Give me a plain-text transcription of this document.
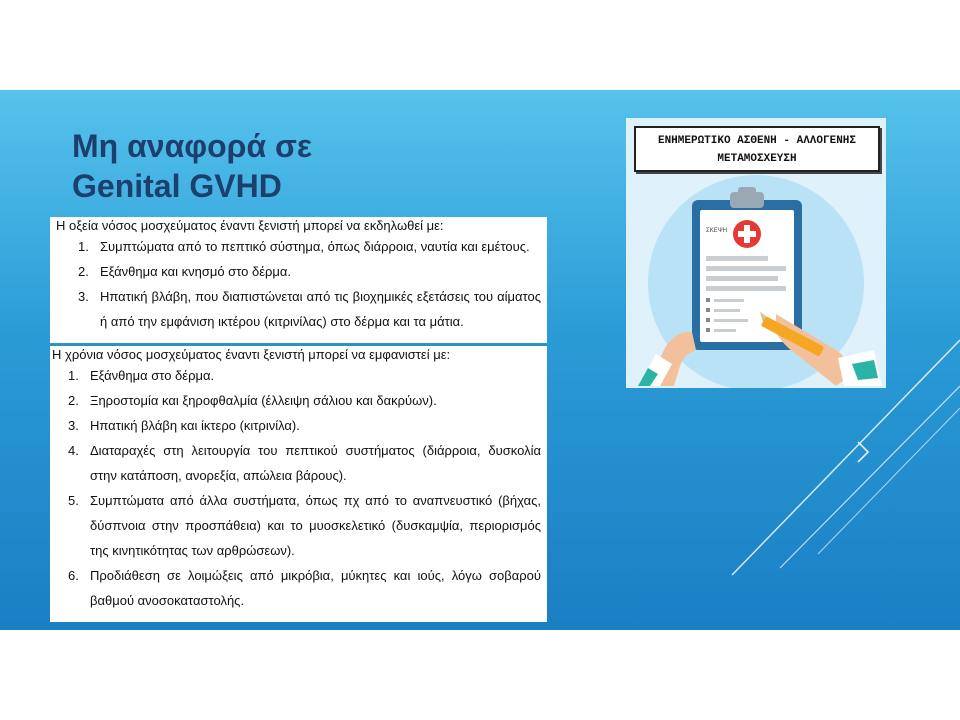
Μη αναφορά σε
Genital GVHD
Η οξεία νόσος μοσχεύματος έναντι ξενιστή μπορεί να εκδηλωθεί με:
1. Συμπτώματα από το πεπτικό σύστημα, όπως διάρροια, ναυτία και εμέτους.
2. Εξάνθημα και κνησμό στο δέρμα.
3. Ηπατική βλάβη, που διαπιστώνεται από τις βιοχημικές εξετάσεις του αίματος ή από την εμφάνιση ικτέρου (κιτρινίλας) στο δέρμα και τα μάτια.
Η χρόνια νόσος μοσχεύματος έναντι ξενιστή μπορεί να εμφανιστεί με:
1. Εξάνθημα στο δέρμα.
2. Ξηροστομία και ξηροφθαλμία (έλλειψη σάλιου και δακρύων).
3. Ηπατική βλάβη και ίκτερο (κιτρινίλα).
4. Διαταραχές στη λειτουργία του πεπτικού συστήματος (διάρροια, δυσκολία στην κατάποση, ανορεξία, απώλεια βάρους).
5. Συμπτώματα από άλλα συστήματα, όπως πχ από το αναπνευστικό (βήχας, δύσπνοια στην προσπάθεια) και το μυοσκελετικό (δυσκαμψία, περιορισμός της κινητικότητας των αρθρώσεων).
6. Προδιάθεση σε λοιμώξεις από μικρόβια, μύκητες και ιούς, λόγω σοβαρού βαθμού ανοσοκαταστολής.
ΕΝΗΜΕΡΩΤΙΚΟ ΑΣΘΕΝΗ - ΑΛΛΟΓΕΝΗΣ
ΜΕΤΑΜΟΣΧΕΥΣΗ
ΣΚΕΨΗ
